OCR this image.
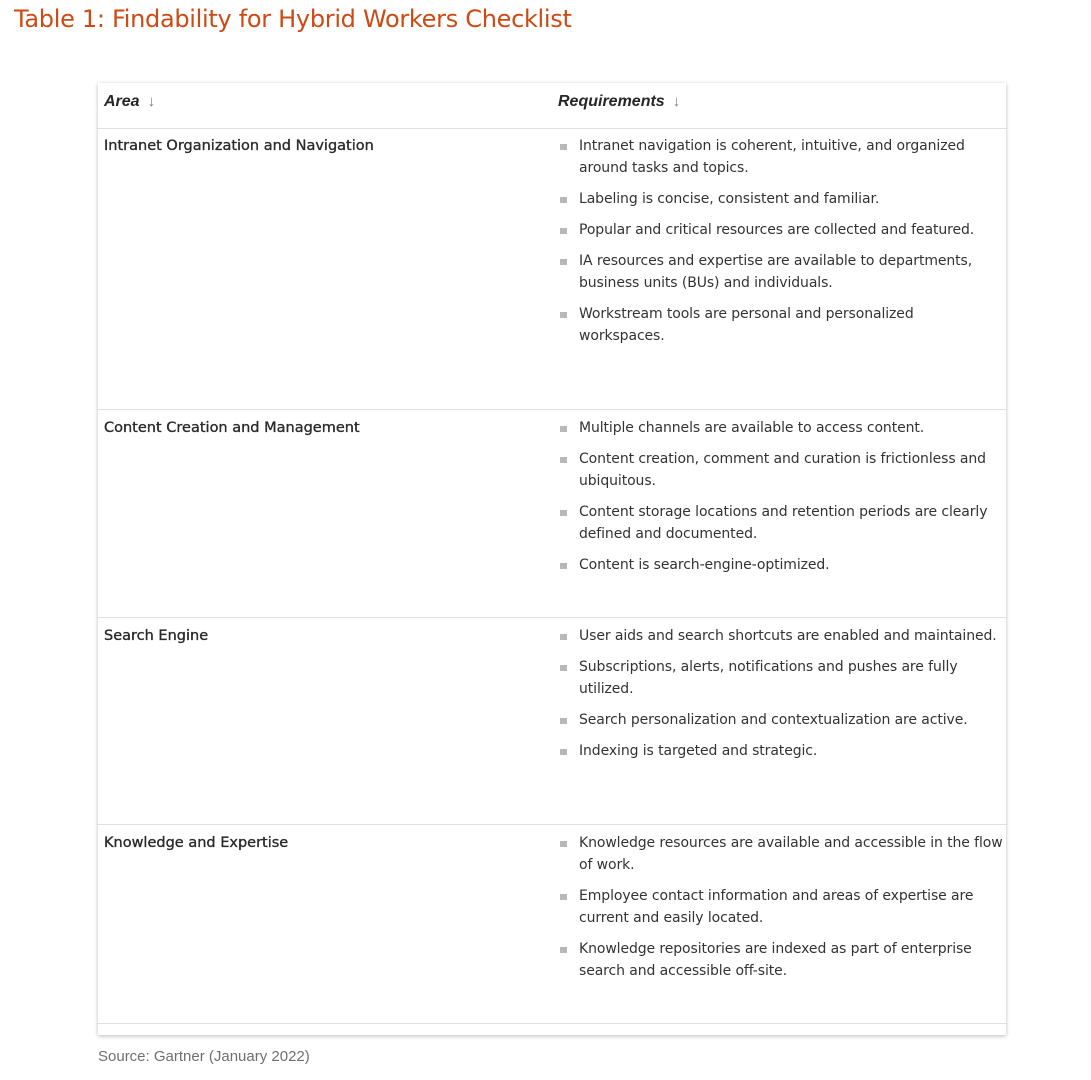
Table 1: Findability for Hybrid Workers Checklist
Area ↓	Requirements ↓
Intranet Organization and Navigation	Intranet navigation is coherent, intuitive, and organized around tasks and topics.
Labeling is concise, consistent and familiar.
Popular and critical resources are collected and featured.
IA resources and expertise are available to departments, business units (BUs) and individuals.
Workstream tools are personal and personalized workspaces.
Content Creation and Management	Multiple channels are available to access content.
Content creation, comment and curation is frictionless and ubiquitous.
Content storage locations and retention periods are clearly defined and documented.
Content is search-engine-optimized.
Search Engine	User aids and search shortcuts are enabled and maintained.
Subscriptions, alerts, notifications and pushes are fully utilized.
Search personalization and contextualization are active.
Indexing is targeted and strategic.
Knowledge and Expertise	Knowledge resources are available and accessible in the flow of work.
Employee contact information and areas of expertise are current and easily located.
Knowledge repositories are indexed as part of enterprise search and accessible off-site.
Source: Gartner (January 2022)
